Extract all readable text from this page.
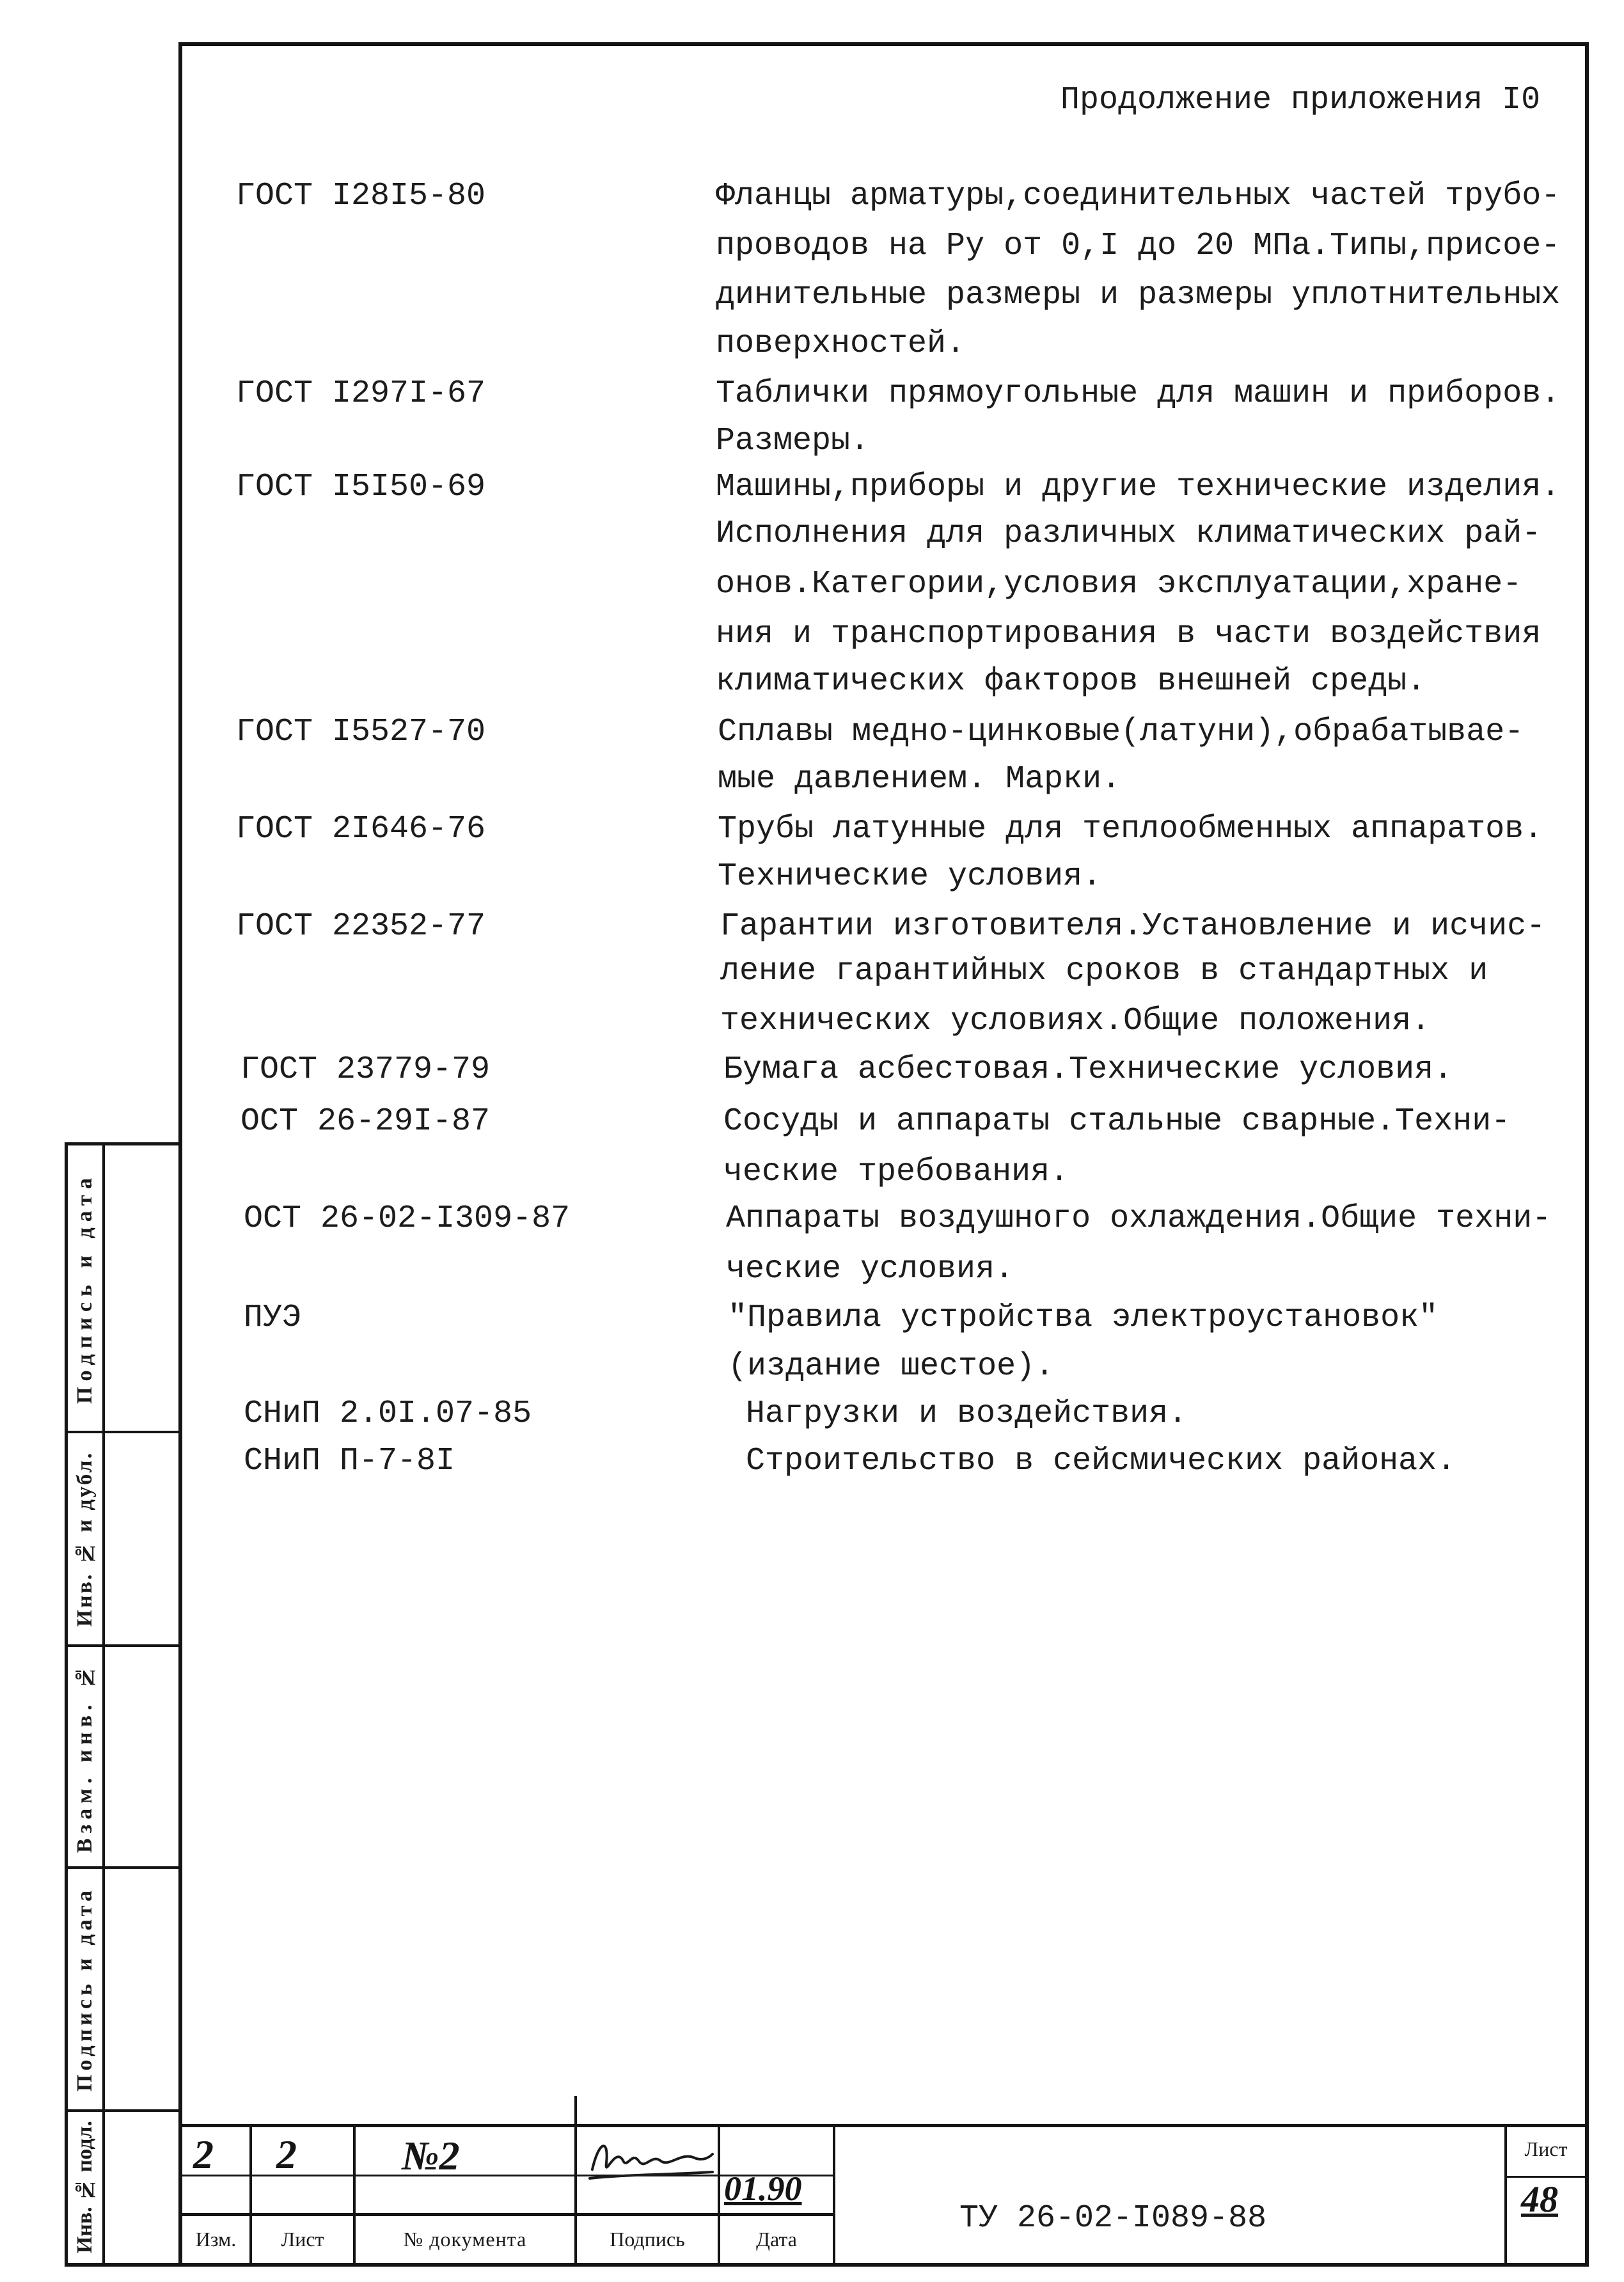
Подпись и дата
Инв. № и дубл.
Взам. инв. №
Подпись и дата
Инв. № подл.
Продолжение приложения I0
ГОСТ I28I5-80	Фланцы арматуры,соединительных частей трубо-
проводов на Ру от 0,I до 20 МПа.Типы,присое-
динительные размеры и размеры уплотнительных
поверхностей.
ГОСТ I297I-67	Таблички прямоугольные для машин и приборов.
Размеры.
ГОСТ I5I50-69	Машины,приборы и другие технические изделия.
Исполнения для различных климатических рай-
онов.Категории,условия эксплуатации,хране-
ния и транспортирования в части воздействия
климатических факторов внешней среды.
ГОСТ I5527-70	Сплавы медно-цинковые(латуни),обрабатывае-
мые давлением. Марки.
ГОСТ 2I646-76	Трубы латунные для теплообменных аппаратов.
Технические условия.
ГОСТ 22352-77	Гарантии изготовителя.Установление и исчис-
ление гарантийных сроков в стандартных и
технических условиях.Общие положения.
ГОСТ 23779-79	Бумага асбестовая.Технические условия.
ОСТ 26-29I-87	Сосуды и аппараты стальные сварные.Техни-
ческие требования.
ОСТ 26-02-I309-87	Аппараты воздушного охлаждения.Общие техни-
ческие условия.
ПУЭ	"Правила устройства электроустановок"
(издание шестое).
СНиП 2.0I.07-85	Нагрузки и воздействия.
СНиП П-7-8I	Строительство в сейсмических районах.
Изм.	Лист	№ документа	Подпись	Дата
2 2	№2
01.90
ТУ 26-02-I089-88
Лист
48
